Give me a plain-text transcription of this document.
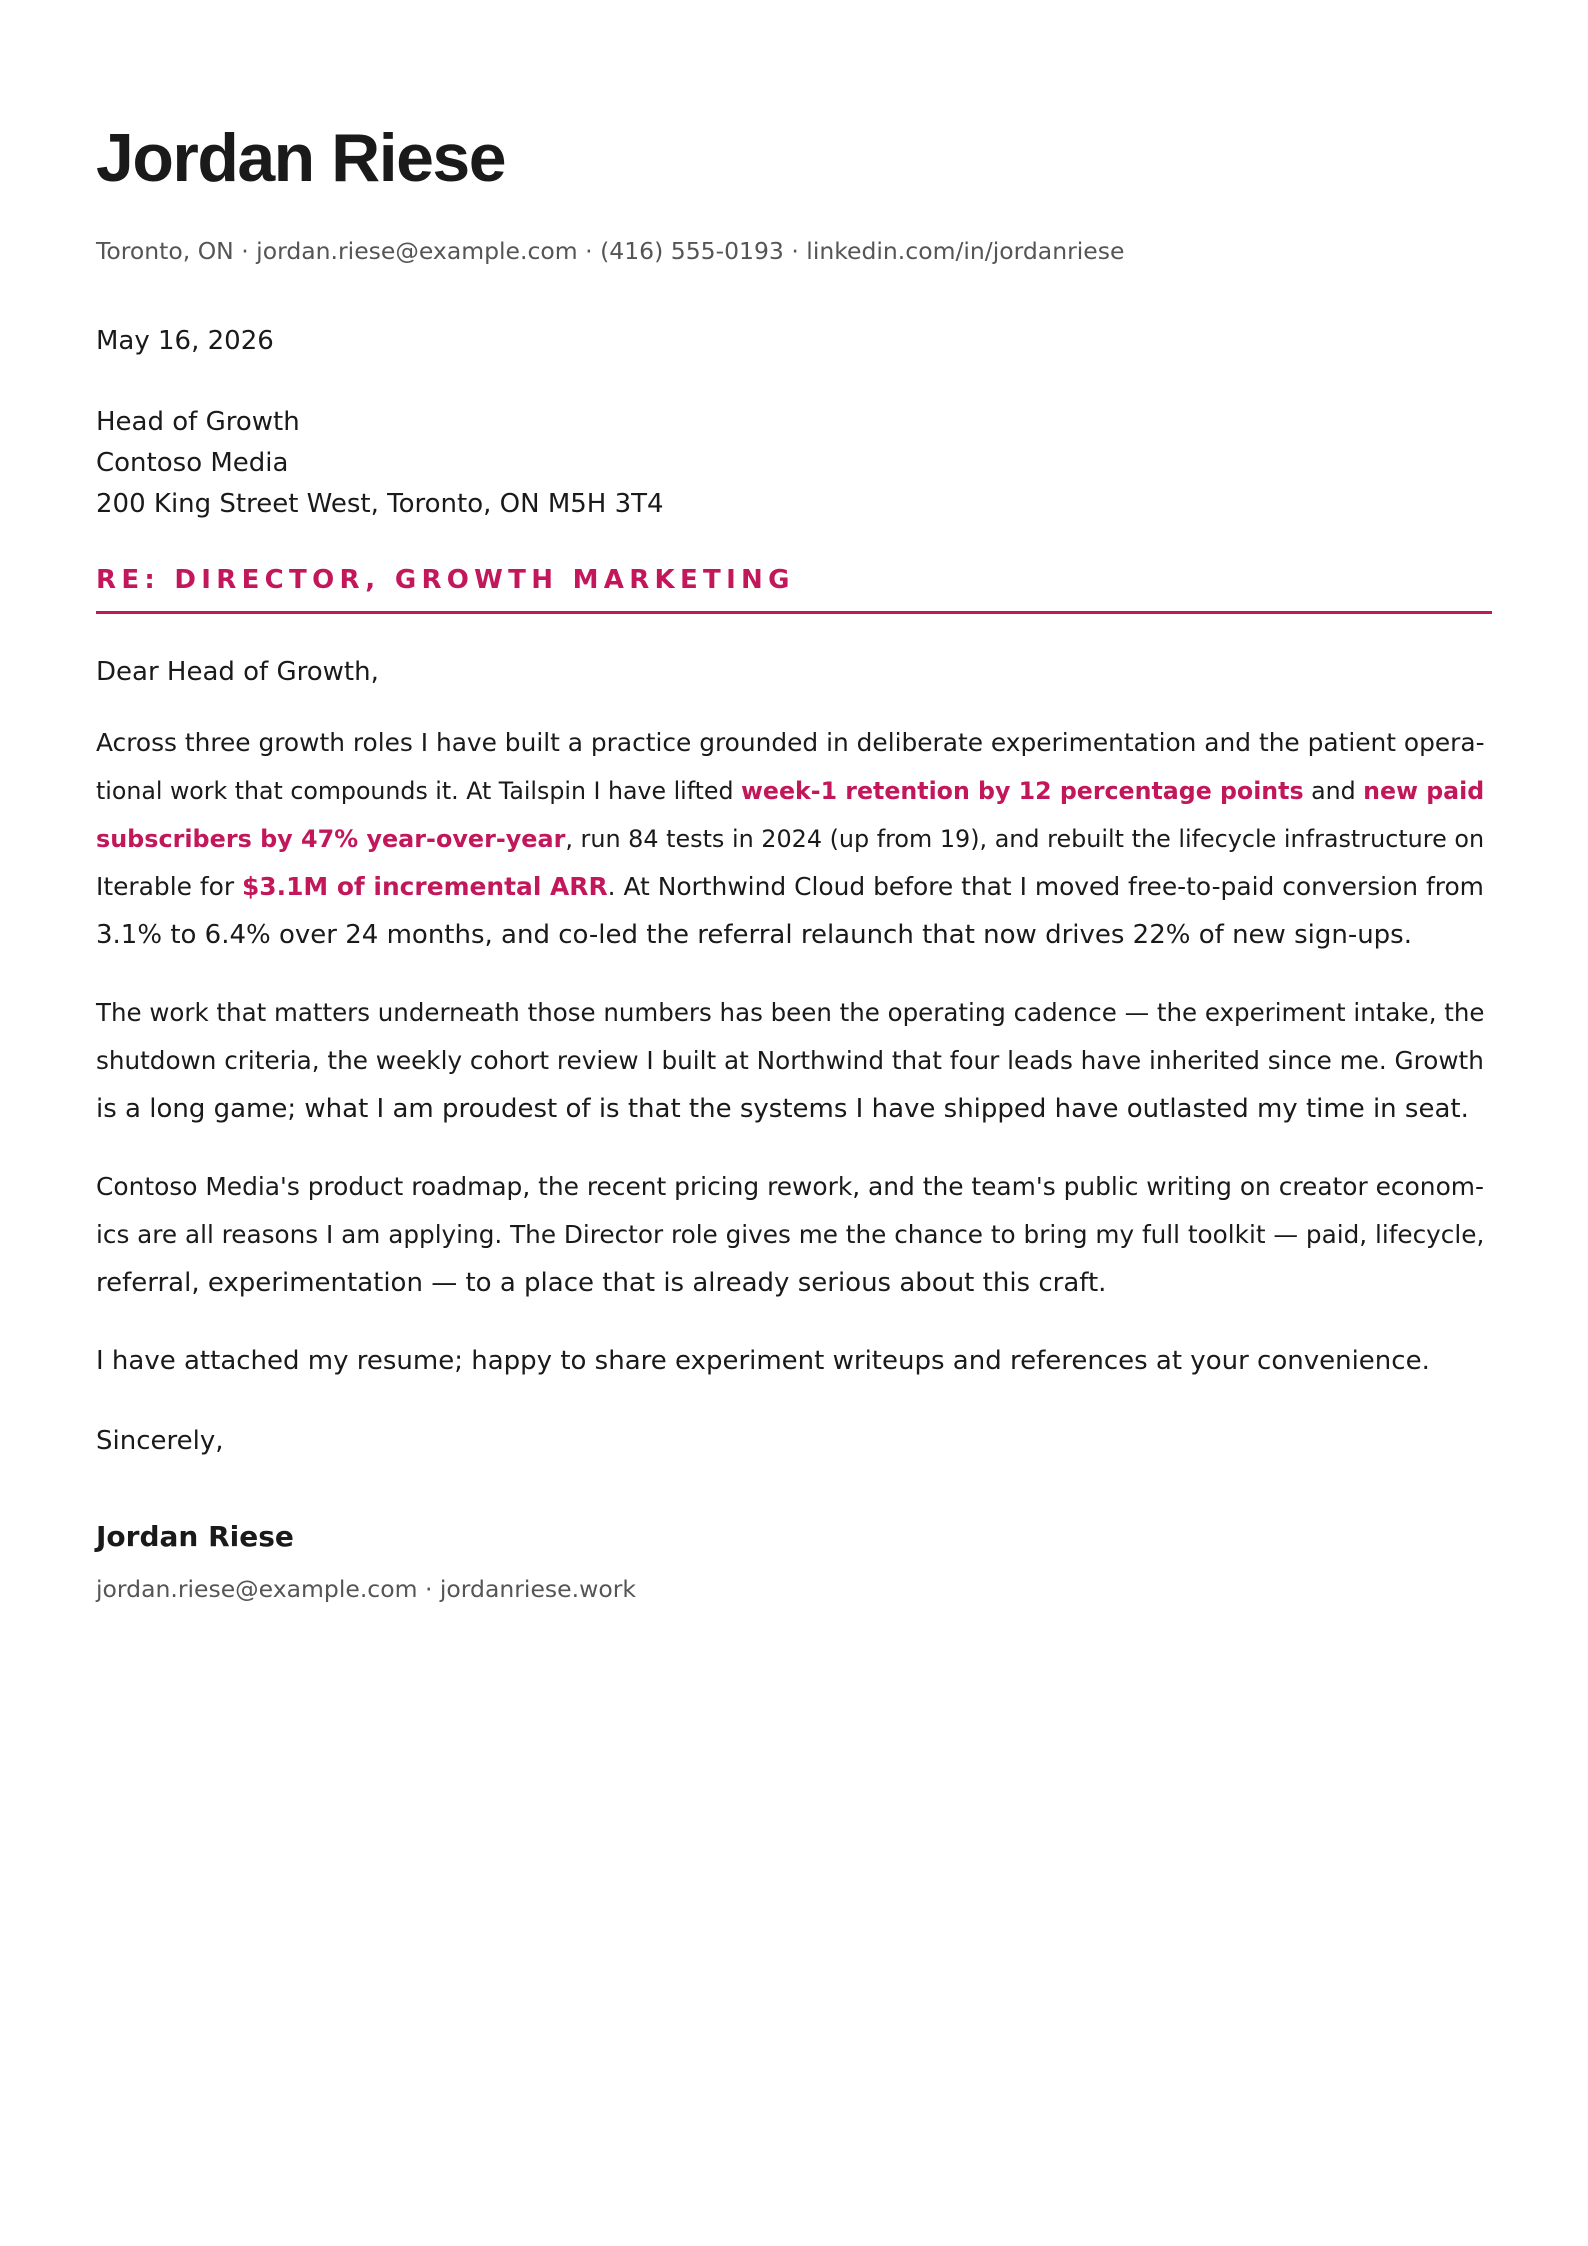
Jordan Riese
Toronto, ON · jordan.riese@example.com · (416) 555-0193 · linkedin.com/in/jordanriese
May 16, 2026
Head of Growth
Contoso Media
200 King Street West, Toronto, ON M5H 3T4
RE: DIRECTOR, GROWTH MARKETING
Dear Head of Growth,
Across three growth roles I have built a practice grounded in deliberate experimentation and the patient opera-
tional work that compounds it. At Tailspin I have lifted week-1 retention by 12 percentage points and new paid
subscribers by 47% year-over-year, run 84 tests in 2024 (up from 19), and rebuilt the lifecycle infrastructure on
Iterable for $3.1M of incremental ARR. At Northwind Cloud before that I moved free-to-paid conversion from
3.1% to 6.4% over 24 months, and co-led the referral relaunch that now drives 22% of new sign-ups.
The work that matters underneath those numbers has been the operating cadence — the experiment intake, the
shutdown criteria, the weekly cohort review I built at Northwind that four leads have inherited since me. Growth
is a long game; what I am proudest of is that the systems I have shipped have outlasted my time in seat.
Contoso Media's product roadmap, the recent pricing rework, and the team's public writing on creator econom-
ics are all reasons I am applying. The Director role gives me the chance to bring my full toolkit — paid, lifecycle,
referral, experimentation — to a place that is already serious about this craft.
I have attached my resume; happy to share experiment writeups and references at your convenience.
Sincerely,
Jordan Riese
jordan.riese@example.com · jordanriese.work
